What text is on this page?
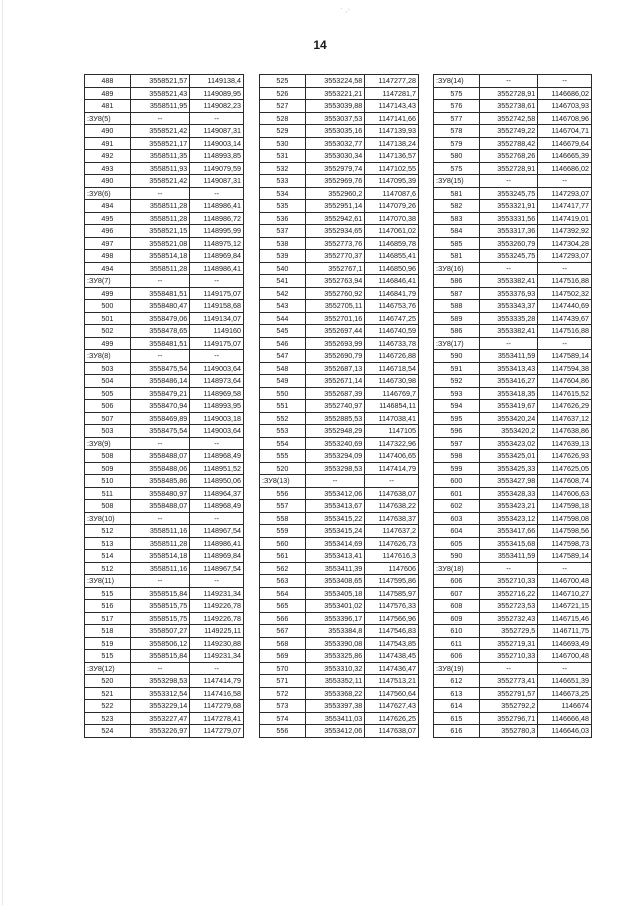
· ˏ˴
14
488	3558521,57	1149138,4
489	3558521,43	1149089,95
481	3558511,95	1149082,23
:ЗУ8(5)	--	--
490	3558521,42	1149087,31
491	3558521,17	1149003,14
492	3558511,35	1148993,85
493	3558511,93	1149079,59
490	3558521,42	1149087,31
:ЗУ8(6)	--	--
494	3558511,28	1148986,41
495	3558511,28	1148986,72
496	3558521,15	1148995,99
497	3558521,08	1148975,12
498	3558514,18	1148969,84
494	3558511,28	1148986,41
:ЗУ8(7)	--	--
499	3558481,51	1149175,07
500	3558480,47	1149158,68
501	3558479,06	1149134,07
502	3558478,65	1149160
499	3558481,51	1149175,07
:ЗУ8(8)	--	--
503	3558475,54	1149003,64
504	3558486,14	1148973,64
505	3558479,21	1148969,58
506	3558470,94	1148993,95
507	3558469,89	1149003,18
503	3558475,54	1149003,64
:ЗУ8(9)	--	--
508	3558488,07	1148968,49
509	3558488,06	1148951,52
510	3558485,86	1148950,06
511	3558480,97	1148964,37
508	3558488,07	1148968,49
:ЗУ8(10)	--	--
512	3558511,16	1148967,54
513	3558511,28	1148986,41
514	3558514,18	1148969,84
512	3558511,16	1148967,54
:ЗУ8(11)	--	--
515	3558515,84	1149231,34
516	3558515,75	1149226,78
517	3558515,75	1149226,78
518	3558507,27	1149225,11
519	3558506,12	1149230,88
515	3558515,84	1149231,34
:ЗУ8(12)	--	--
520	3553298,53	1147414,79
521	3553312,54	1147416,58
522	3553229,14	1147279,68
523	3553227,47	1147278,41
524	3553226,97	1147279,07
525	3553224,58	1147277,28
526	3553221,21	1147281,7
527	3553039,88	1147143,43
528	3553037,53	1147141,66
529	3553035,16	1147139,93
530	3553032,77	1147138,24
531	3553030,34	1147136,57
532	3552979,74	1147102,55
533	3552969,76	1147095,39
534	3552960,2	1147087,6
535	3552951,14	1147079,26
536	3552942,61	1147070,38
537	3552934,65	1147061,02
538	3552773,76	1146859,78
539	3552770,37	1146855,41
540	3552767,1	1146850,96
541	3552763,94	1146846,41
542	3552760,92	1146841,79
543	3552705,11	1146753,76
544	3552701,16	1146747,25
545	3552697,44	1146740,59
546	3552693,99	1146733,78
547	3552690,79	1146726,88
548	3552687,13	1146718,54
549	3552671,14	1146730,98
550	3552687,39	1146769,7
551	3552740,97	1146854,11
552	3552885,53	1147038,41
553	3552948,29	1147105
554	3553240,69	1147322,96
555	3553294,09	1147406,65
520	3553298,53	1147414,79
:ЗУ8(13)	--	--
556	3553412,06	1147638,07
557	3553413,67	1147638,22
558	3553415,22	1147638,37
559	3553415,24	1147637,2
560	3553414,69	1147626,73
561	3553413,41	1147616,3
562	3553411,39	1147606
563	3553408,65	1147595,86
564	3553405,18	1147585,97
565	3553401,02	1147576,33
566	3553396,17	1147566,96
567	3553384,8	1147546,83
568	3553390,08	1147543,85
569	3553325,86	1147438,45
570	3553310,32	1147436,47
571	3553352,11	1147513,21
572	3553368,22	1147560,64
573	3553397,38	1147627,43
574	3553411,03	1147626,25
556	3553412,06	1147638,07
:ЗУ8(14)	--	--
575	3552728,91	1146686,02
576	3552738,61	1146703,93
577	3552742,58	1146708,96
578	3552749,22	1146704,71
579	3552788,42	1146679,64
580	3552768,26	1146665,39
575	3552728,91	1146686,02
:ЗУ8(15)	--	--
581	3553245,75	1147293,07
582	3553321,91	1147417,77
583	3553331,56	1147419,01
584	3553317,36	1147392,92
585	3553260,79	1147304,28
581	3553245,75	1147293,07
:ЗУ8(16)	--	--
586	3553382,41	1147516,88
587	3553376,93	1147502,32
588	3553343,37	1147440,69
589	3553335,28	1147439,67
586	3553382,41	1147516,88
:ЗУ8(17)	--	--
590	3553411,59	1147589,14
591	3553413,43	1147594,38
592	3553416,27	1147604,86
593	3553418,35	1147615,52
594	3553419,67	1147626,29
595	3553420,24	1147637,12
596	3553420,2	1147638,86
597	3553423,02	1147639,13
598	3553425,01	1147626,93
599	3553425,33	1147625,05
600	3553427,98	1147608,74
601	3553428,33	1147606,63
602	3553423,21	1147598,18
603	3553423,12	1147598,08
604	3553417,66	1147598,56
605	3553415,68	1147598,73
590	3553411,59	1147589,14
:ЗУ8(18)	--	--
606	3552710,33	1146700,48
607	3552716,22	1146710,27
608	3552723,53	1146721,15
609	3552732,43	1146715,46
610	3552729,5	1146711,75
611	3552719,31	1146693,49
606	3552710,33	1146700,48
:ЗУ8(19)	--	--
612	3552773,41	1146651,39
613	3552791,57	1146673,25
614	3552792,2	1146674
615	3552796,71	1146666,48
616	3552780,3	1146646,03
